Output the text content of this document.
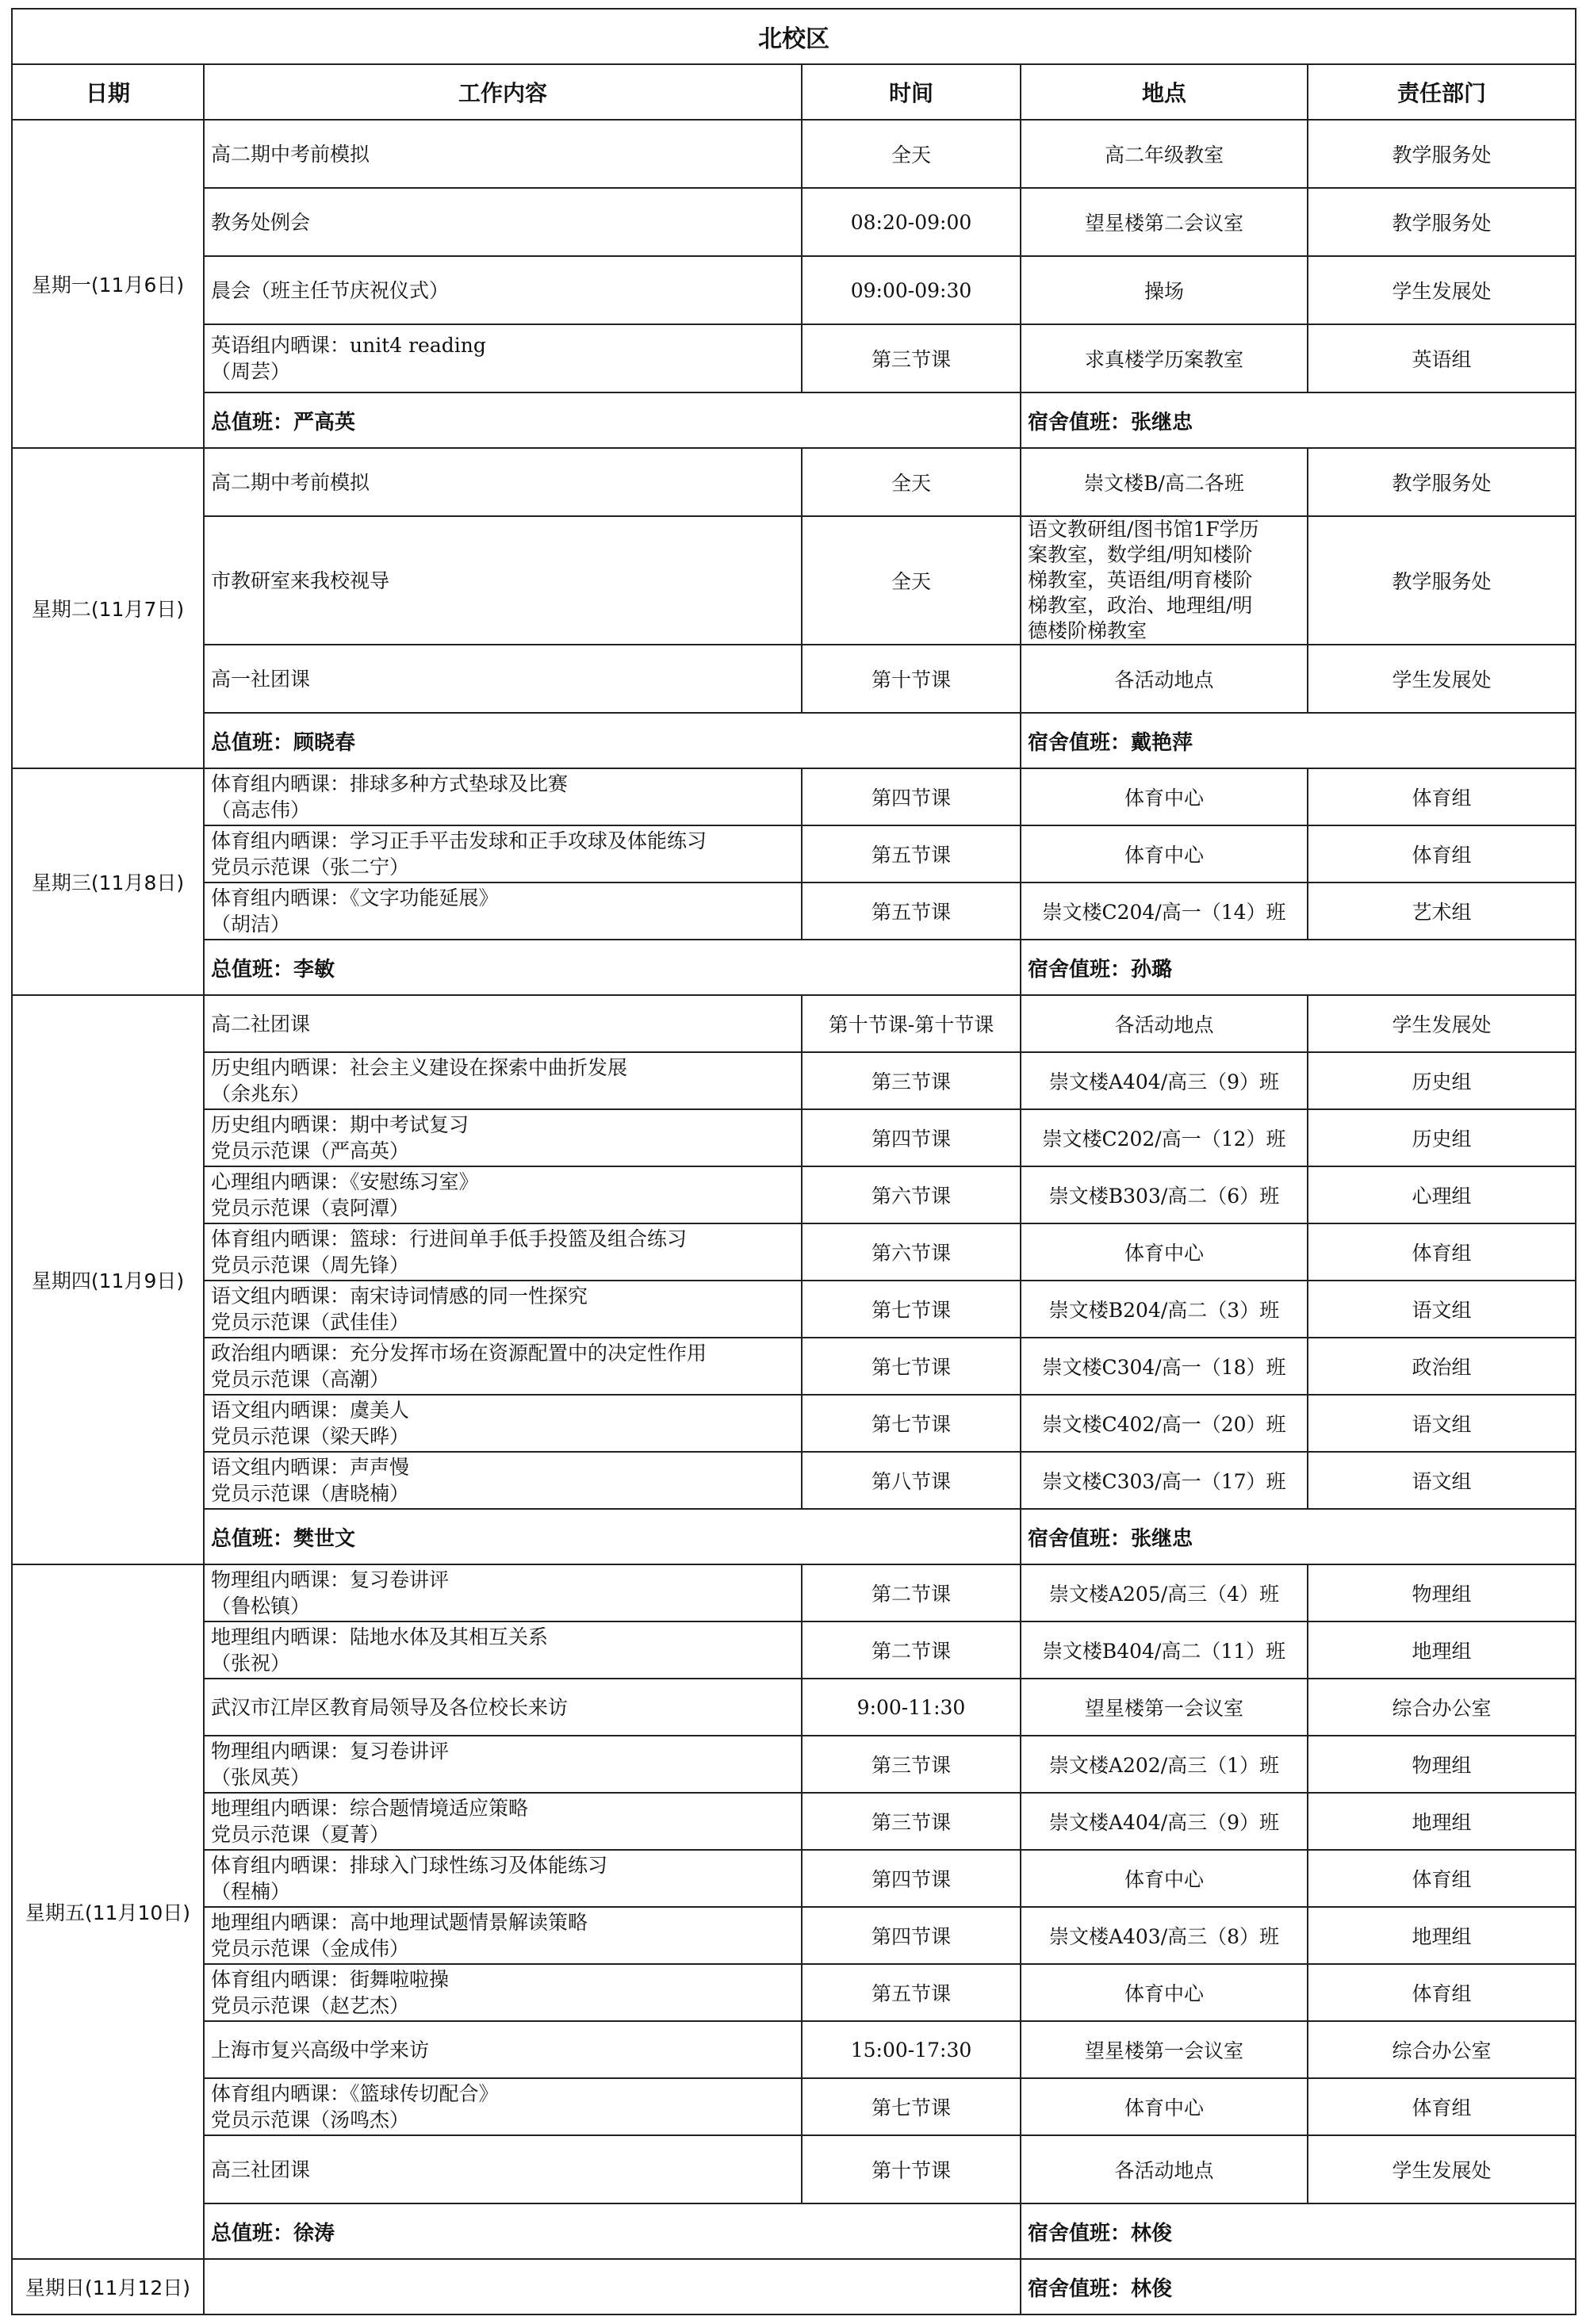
北校区				
日期	工作内容	时间	地点	责任部门
星期一(11月6日)	高二期中考前模拟	全天	高二年级教室	教学服务处

	教务处例会	08:20-09:00	望星楼第二会议室	教学服务处

	晨会（班主任节庆祝仪式）	09:00-09:30	操场	学生发展处

	英语组内晒课：unit4 reading
（周芸）	第三节课	求真楼学历案教室	英语组
	总值班：严高英		宿舍值班：张继忠	
星期二(11月7日)	高二期中考前模拟	全天	崇文楼B/高二各班	教学服务处

	市教研室来我校视导	全天	语文教研组/图书馆1F学历
案教室，数学组/明知楼阶
梯教室，英语组/明育楼阶
梯教室，政治、地理组/明
德楼阶梯教室	教学服务处

	高一社团课	第十节课	各活动地点	学生发展处
	总值班：顾晓春		宿舍值班：戴艳萍	
星期三(11月8日)	体育组内晒课：排球多种方式垫球及比赛
（高志伟）	第四节课	体育中心	体育组

	体育组内晒课：学习正手平击发球和正手攻球及体能练习
党员示范课（张二宁）	第五节课	体育中心	体育组

	体育组内晒课：《文字功能延展》
（胡洁）	第五节课	崇文楼C204/高一（14）班	艺术组
	总值班：李敏		宿舍值班：孙璐	
星期四(11月9日)	高二社团课	第十节课-第十节课	各活动地点	学生发展处

	历史组内晒课：社会主义建设在探索中曲折发展
（余兆东）	第三节课	崇文楼A404/高三（9）班	历史组

	历史组内晒课：期中考试复习
党员示范课（严高英）	第四节课	崇文楼C202/高一（12）班	历史组

	心理组内晒课：《安慰练习室》
党员示范课（袁阿潭）	第六节课	崇文楼B303/高二（6）班	心理组

	体育组内晒课：篮球：行进间单手低手投篮及组合练习
党员示范课（周先锋）	第六节课	体育中心	体育组

	语文组内晒课：南宋诗词情感的同一性探究
党员示范课（武佳佳）	第七节课	崇文楼B204/高二（3）班	语文组

	政治组内晒课：充分发挥市场在资源配置中的决定性作用
党员示范课（高潮）	第七节课	崇文楼C304/高一（18）班	政治组

	语文组内晒课：虞美人
党员示范课（梁天晔）	第七节课	崇文楼C402/高一（20）班	语文组

	语文组内晒课：声声慢
党员示范课（唐晓楠）	第八节课	崇文楼C303/高一（17）班	语文组
	总值班：樊世文		宿舍值班：张继忠	
星期五(11月10日)	物理组内晒课：复习卷讲评
（鲁松镇）	第二节课	崇文楼A205/高三（4）班	物理组

	地理组内晒课：陆地水体及其相互关系
（张祝）	第二节课	崇文楼B404/高二（11）班	地理组

	武汉市江岸区教育局领导及各位校长来访	9:00-11:30	望星楼第一会议室	综合办公室

	物理组内晒课：复习卷讲评
（张凤英）	第三节课	崇文楼A202/高三（1）班	物理组

	地理组内晒课：综合题情境适应策略
党员示范课（夏菁）	第三节课	崇文楼A404/高三（9）班	地理组

	体育组内晒课：排球入门球性练习及体能练习
（程楠）	第四节课	体育中心	体育组

	地理组内晒课：高中地理试题情景解读策略
党员示范课（金成伟）	第四节课	崇文楼A403/高三（8）班	地理组

	体育组内晒课：街舞啦啦操
党员示范课（赵艺杰）	第五节课	体育中心	体育组

	上海市复兴高级中学来访	15:00-17:30	望星楼第一会议室	综合办公室

	体育组内晒课：《篮球传切配合》
党员示范课（汤鸣杰）	第七节课	体育中心	体育组

	高三社团课	第十节课	各活动地点	学生发展处
	总值班：徐涛		宿舍值班：林俊	
星期日(11月12日)			宿舍值班：林俊	
